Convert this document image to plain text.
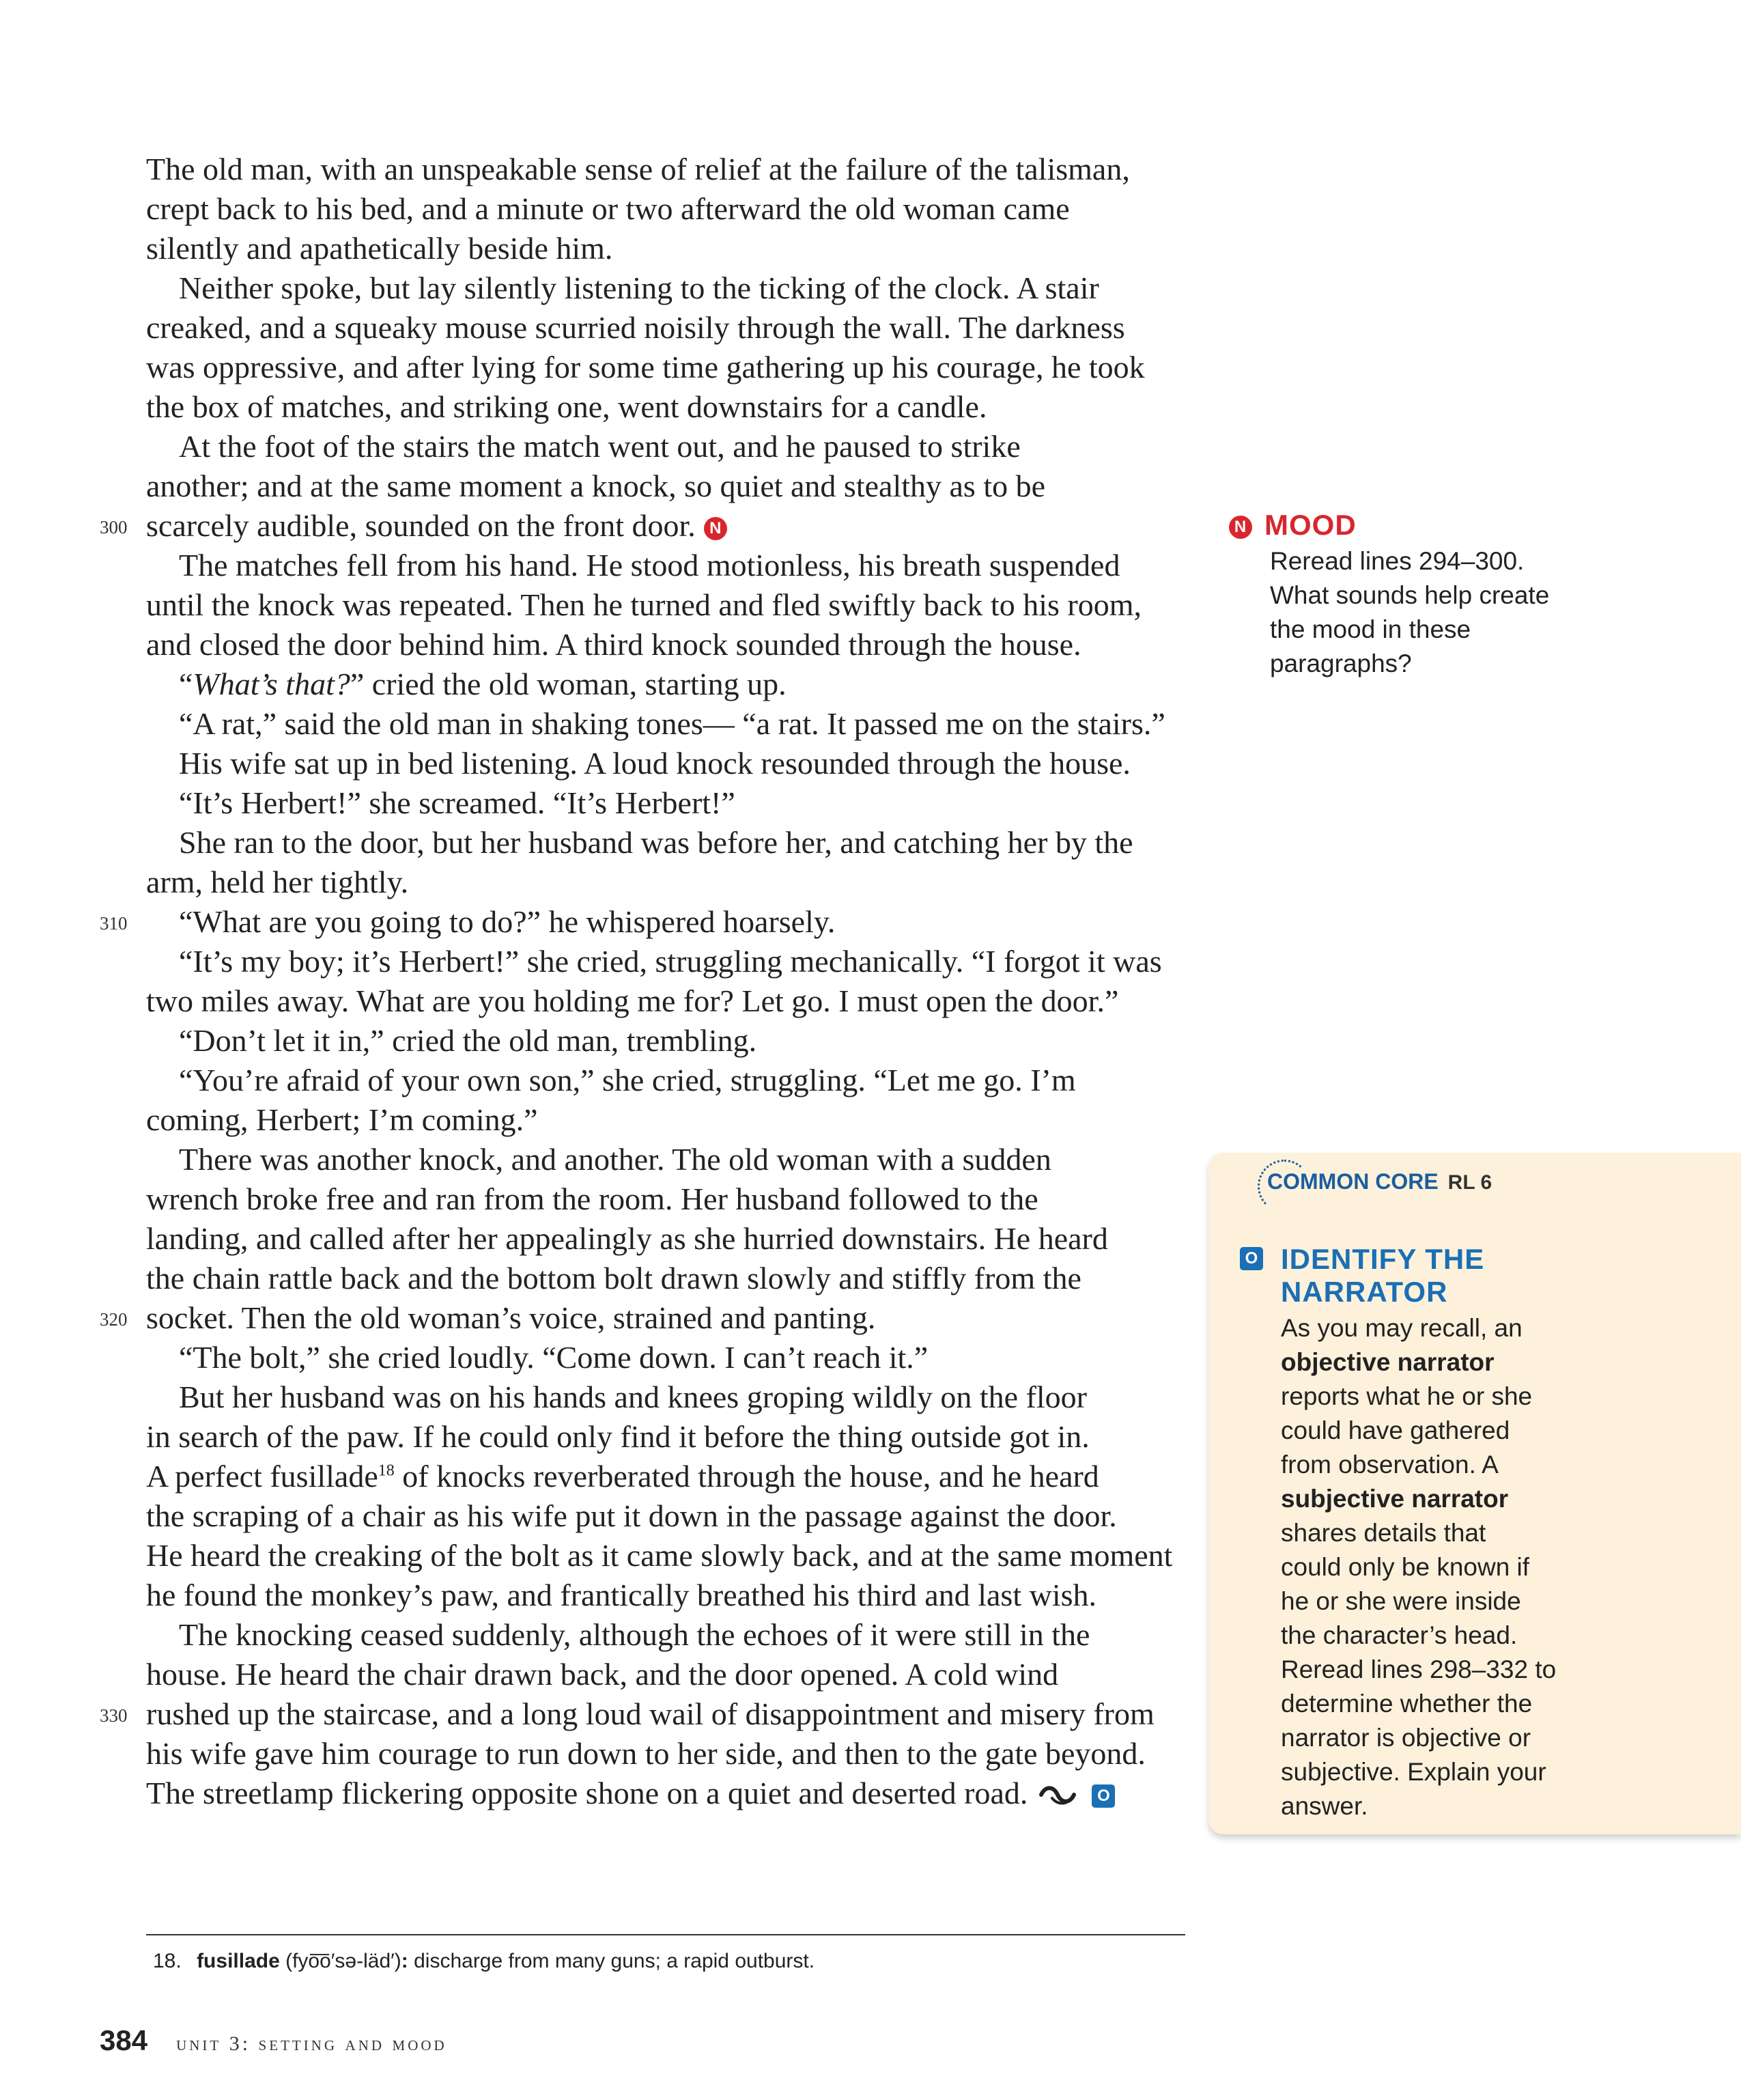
The old man, with an unspeakable sense of relief at the failure of the talisman,
crept back to his bed, and a minute or two afterward the old woman came
silently and apathetically beside him.
Neither spoke, but lay silently listening to the ticking of the clock. A stair
creaked, and a squeaky mouse scurried noisily through the wall. The darkness
was oppressive, and after lying for some time gathering up his courage, he took
the box of matches, and striking one, went downstairs for a candle.
At the foot of the stairs the match went out, and he paused to strike
another; and at the same moment a knock, so quiet and stealthy as to be
300 scarcely audible, sounded on the front door. N
The matches fell from his hand. He stood motionless, his breath suspended
until the knock was repeated. Then he turned and fled swiftly back to his room,
and closed the door behind him. A third knock sounded through the house.
“What’s that?” cried the old woman, starting up.
“A rat,” said the old man in shaking tones— “a rat. It passed me on the stairs.”
His wife sat up in bed listening. A loud knock resounded through the house.
“It’s Herbert!” she screamed. “It’s Herbert!”
She ran to the door, but her husband was before her, and catching her by the
arm, held her tightly.
310	“What are you going to do?” he whispered hoarsely.
“It’s my boy; it’s Herbert!” she cried, struggling mechanically. “I forgot it was
two miles away. What are you holding me for? Let go. I must open the door.”
“Don’t let it in,” cried the old man, trembling.
“You’re afraid of your own son,” she cried, struggling. “Let me go. I’m
coming, Herbert; I’m coming.”
There was another knock, and another. The old woman with a sudden
wrench broke free and ran from the room. Her husband followed to the
landing, and called after her appealingly as she hurried downstairs. He heard
the chain rattle back and the bottom bolt drawn slowly and stiffly from the
320 socket. Then the old woman’s voice, strained and panting.
“The bolt,” she cried loudly. “Come down. I can’t reach it.”
But her husband was on his hands and knees groping wildly on the floor
in search of the paw. If he could only find it before the thing outside got in.
A perfect fusillade$^{18}$ of knocks reverberated through the house, and he heard
the scraping of a chair as his wife put it down in the passage against the door.
He heard the creaking of the bolt as it came slowly back, and at the same moment
he found the monkey’s paw, and frantically breathed his third and last wish.
The knocking ceased suddenly, although the echoes of it were still in the
house. He heard the chair drawn back, and the door opened. A cold wind
330 rushed up the staircase, and a long loud wail of disappointment and misery from
his wife gave him courage to run down to her side, and then to the gate beyond.
The streetlamp flickering opposite shone on a quiet and deserted road.	O
N MOOD
Reread lines 294–300.
What sounds help create
the mood in these
paragraphs?
COMMON CORE RL 6
O IDENTIFY THE
NARRATOR
As you may recall, an
objective narrator
reports what he or she
could have gathered
from observation. A
subjective narrator
shares details that
could only be known if
he or she were inside
the character’s head.
Reread lines 298–332 to
determine whether the
narrator is objective or
subjective. Explain your
answer.
18. fusillade (fyo͞o′sə-läd′): discharge from many guns; a rapid outburst.
384 unit 3: setting and mood
